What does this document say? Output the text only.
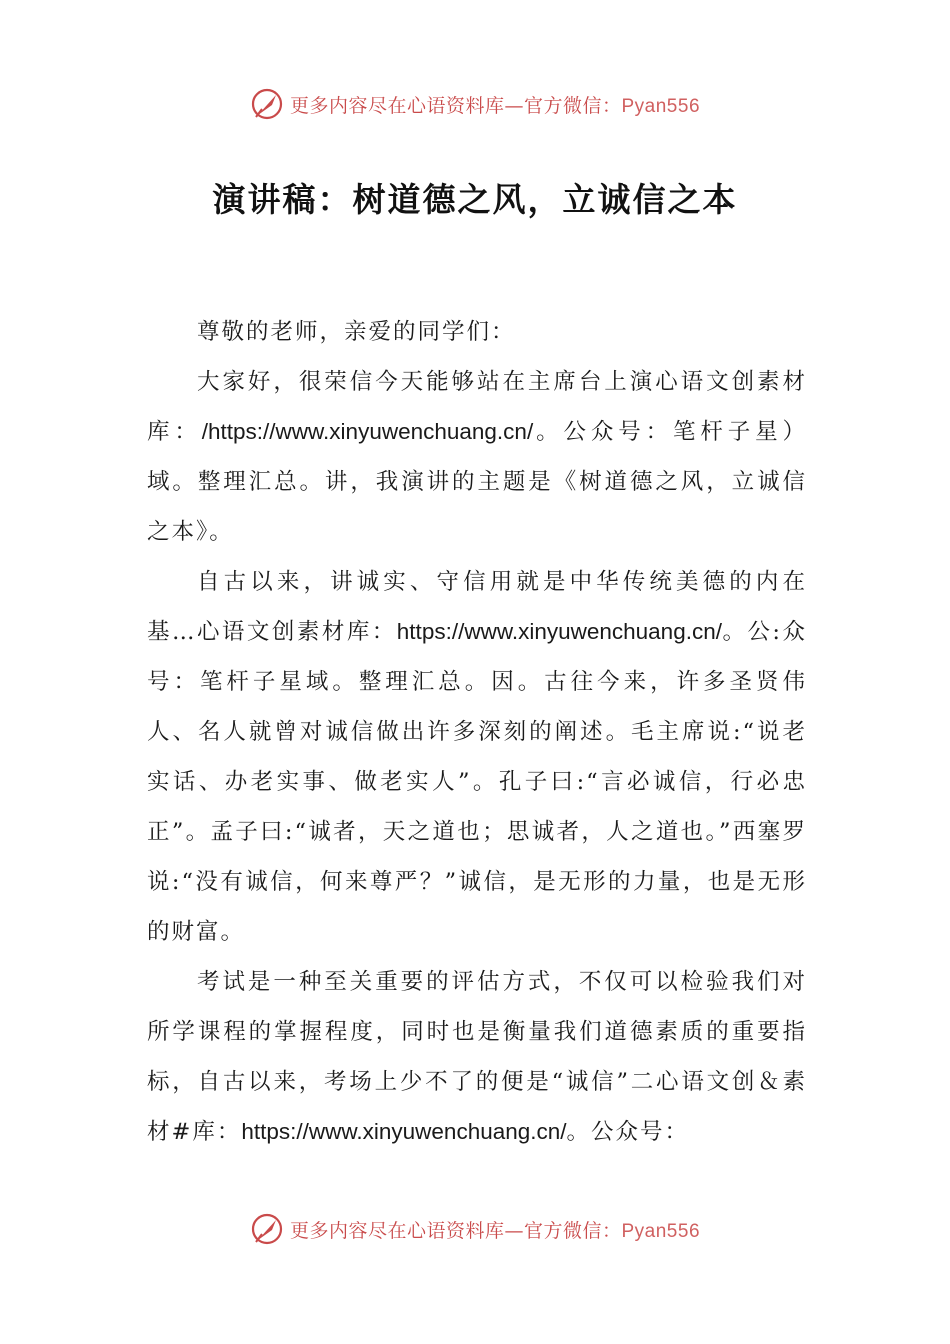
更多内容尽在心语资料库—官方微信：Pyan556
演讲稿：树道德之风，立诚信之本

尊敬的老师，亲爱的同学们：

大家好，很荣信今天能够站在主席台上演心语文创素材库：/https://www.xinyuwenchuang.cn/。公众号：笔杆子星）域。整理汇总。讲，我演讲的主题是《树道德之风，立诚信之本》。

自古以来，讲诚实、守信用就是中华传统美德的内在基…心语文创素材库：https://www.xinyuwenchuang.cn/。公:众号：笔杆子星域。整理汇总。因。古往今来，许多圣贤伟人、名人就曾对诚信做出许多深刻的阐述。毛主席说:“说老实话、办老实事、做老实人”。孔子曰:“言必诚信，行必忠正”。孟子曰:“诚者，天之道也；思诚者，人之道也。”西塞罗说:“没有诚信，何来尊严？”诚信，是无形的力量，也是无形的财富。

考试是一种至关重要的评估方式，不仅可以检验我们对所学课程的掌握程度，同时也是衡量我们道德素质的重要指标，自古以来，考场上少不了的便是“诚信”二心语文创＆素材#库：https://www.xinyuwenchuang.cn/。公众号：

更多内容尽在心语资料库—官方微信：Pyan556
